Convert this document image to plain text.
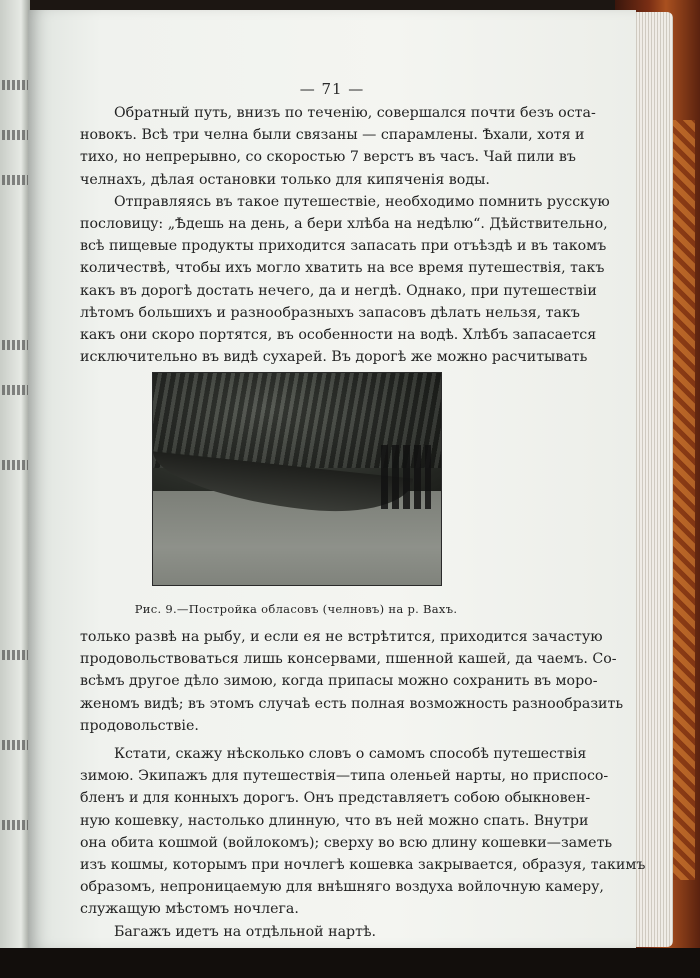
— 71 —
Обратный путь, внизъ по теченію, совершался почти безъ оста-
новокъ. Всѣ три челна были связаны — спарамлены. Ѣхали, хотя и
тихо, но непрерывно, со скоростью 7 верстъ въ часъ. Чай пили въ
челнахъ, дѣлая остановки только для кипяченія воды.
Отправляясь въ такое путешествіе, необходимо помнить русскую
пословицу: „Ѣдешь на день, а бери хлѣба на недѣлю“. Дѣйствительно,
всѣ пищевые продукты приходится запасать при отъѣздѣ и въ такомъ
количествѣ, чтобы ихъ могло хватить на все время путешествія, такъ
какъ въ дорогѣ достать нечего, да и негдѣ. Однако, при путешествіи
лѣтомъ большихъ и разнообразныхъ запасовъ дѣлать нельзя, такъ
какъ они скоро портятся, въ особенности на водѣ. Хлѣбъ запасается
исключительно въ видѣ сухарей. Въ дорогѣ же можно расчитывать
Рис. 9.—Постройка обласовъ (челновъ) на р. Вахъ.
только развѣ на рыбу, и если ея не встрѣтится, приходится зачастую
продовольствоваться лишь консервами, пшенной кашей, да чаемъ. Со-
всѣмъ другое дѣло зимою, когда припасы можно сохранить въ моро-
женомъ видѣ; въ этомъ случаѣ есть полная возможность разнообразить
продовольствіе.
Кстати, скажу нѣсколько словъ о самомъ способѣ путешествія
зимою. Экипажъ для путешествія—типа оленьей нарты, но приспосо-
бленъ и для конныхъ дорогъ. Онъ представляетъ собою обыкновен-
ную кошевку, настолько длинную, что въ ней можно спать. Внутри
она обита кошмой (войлокомъ); сверху во всю длину кошевки—заметь
изъ кошмы, которымъ при ночлегѣ кошевка закрывается, образуя, такимъ
образомъ, непроницаемую для внѣшняго воздуха войлочную камеру,
служащую мѣстомъ ночлега.
Багажъ идетъ на отдѣльной нартѣ.
